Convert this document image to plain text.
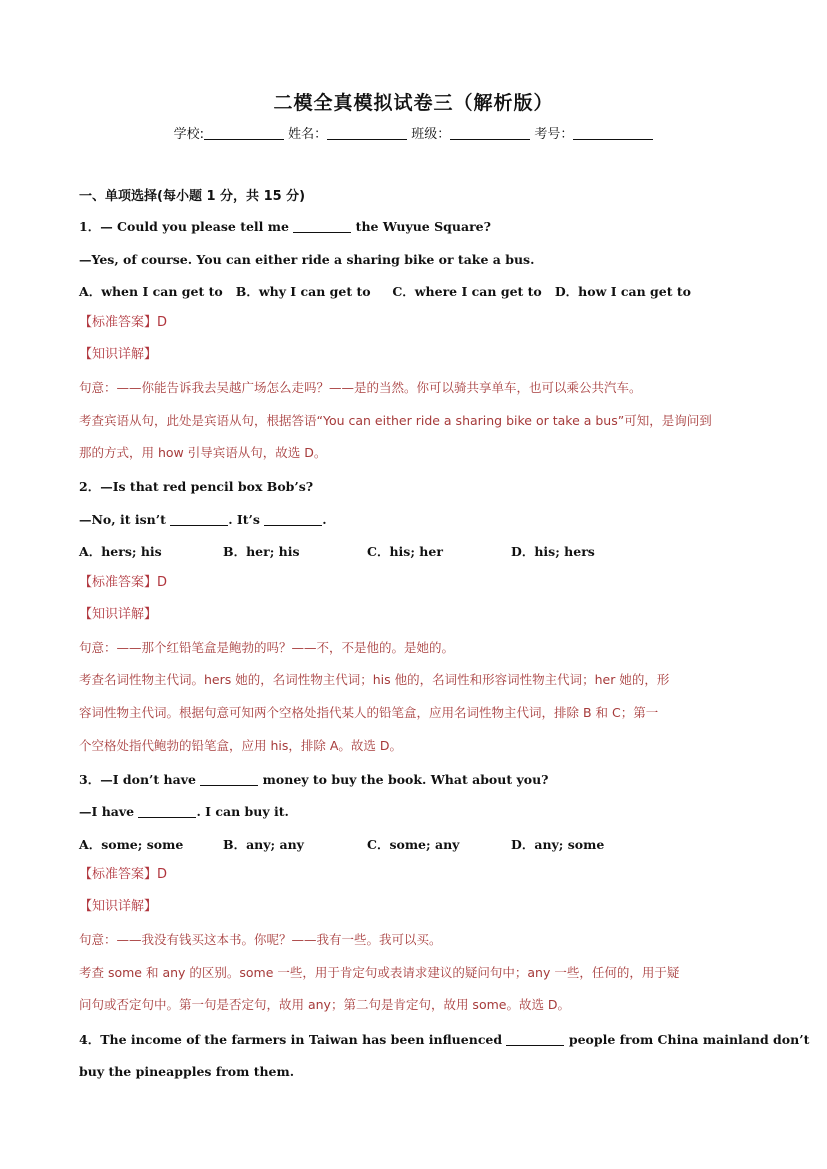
二模全真模拟试卷三（解析版）
学校:	姓名：	班级：	考号：
一、单项选择(每小题 1 分，共 15 分)
1．— Could you please tell me	the Wuyue Square?
—Yes, of course. You can either ride a sharing bike or take a bus.
A．when I can get to   B．why I can get to     C．where I can get to   D．how I can get to
【标准答案】D
【知识详解】
句意：——你能告诉我去吴越广场怎么走吗？——是的当然。你可以骑共享单车，也可以乘公共汽车。
考查宾语从句，此处是宾语从句，根据答语“You can either ride a sharing bike or take a bus”可知，是询问到
那的方式，用 how 引导宾语从句，故选 D。
2．—Is that red pencil box Bob’s?
—No, it isn’t	. It’s	.
A．hers; his	B．her; his	C．his; her	D．his; hers
【标准答案】D
【知识详解】
句意：——那个红铅笔盒是鲍勃的吗？——不，不是他的。是她的。
考查名词性物主代词。hers 她的，名词性物主代词；his 他的，名词性和形容词性物主代词；her 她的，形
容词性物主代词。根据句意可知两个空格处指代某人的铅笔盒，应用名词性物主代词，排除 B 和 C；第一
个空格处指代鲍勃的铅笔盒，应用 his，排除 A。故选 D。
3．—I don’t have	money to buy the book. What about you?
—I have	. I can buy it.
A．some; some	B．any; any	C．some; any	D．any; some
【标准答案】D
【知识详解】
句意：——我没有钱买这本书。你呢？——我有一些。我可以买。
考查 some 和 any 的区别。some 一些，用于肯定句或表请求建议的疑问句中；any 一些，任何的，用于疑
问句或否定句中。第一句是否定句，故用 any；第二句是肯定句，故用 some。故选 D。
4．The income of the farmers in Taiwan has been influenced	people from China mainland don’t
buy the pineapples from them.
